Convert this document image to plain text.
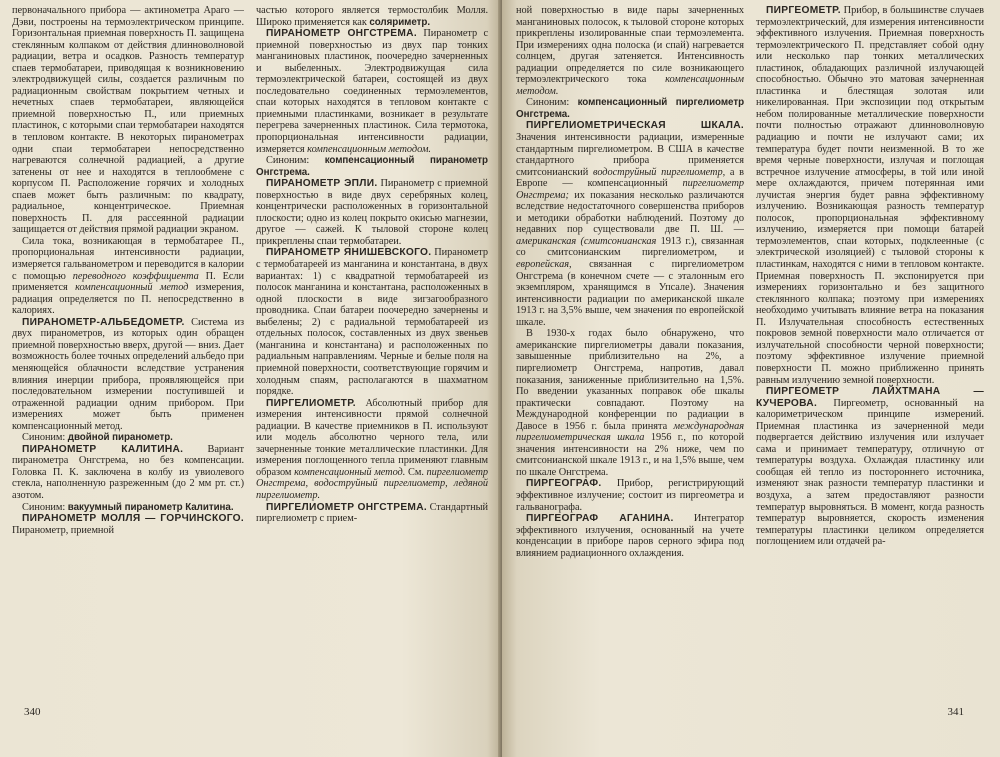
первоначального прибора — актинометра Араго — Дэви, построены на термоэлектрическом принципе. Горизонтальная приемная поверхность П. защищена стеклянным колпаком от действия длинноволновой радиации, ветра и осадков. Разность температур спаев термобатареи, приводящая к возникновению электродвижущей силы, создается различным по радиационным свойствам покрытием четных и нечетных спаев термобатареи, являющейся приемной поверхностью П., или приемных пластинок, с которыми спаи термобатареи находятся в тепловом контакте. В некоторых пиранометрах одни спаи термобатареи непосредственно нагреваются солнечной радиацией, а другие затенены от нее и находятся в теплообмене с корпусом П. Расположение горячих и холодных спаев может быть различным: по квадрату, радиальное, концентрическое. Приемная поверхность П. для рассеянной радиации защищается от действия прямой радиации экраном.

Сила тока, возникающая в термобатарее П., пропорциональная интенсивности радиации, измеряется гальванометром и переводится в калории с помощью переводного коэффициента П. Если применяется компенсационный метод измерения, радиация определяется по П. непосредственно в калориях.

ПИРАНОМЕТР-АЛЬБЕДОМЕТР. Система из двух пиранометров, из которых один обращен приемной поверхностью вверх, другой — вниз. Дает возможность более точных определений альбедо при меняющейся облачности вследствие устранения влияния инерции прибора, проявляющейся при последовательном измерении поступившей и отраженной радиации одним прибором. При измерениях может быть применен компенсационный метод.

Синоним: двойной пиранометр.

ПИРАНОМЕТР КАЛИТИНА. Вариант пиранометра Онгстрема, но без компенсации. Головка П. К. заключена в колбу из увиолевого стекла, наполненную разреженным (до 2 мм рт. ст.) азотом.

Синоним: вакуумный пиранометр Калитина.

ПИРАНОМЕТР МОЛЛЯ — ГОРЧИНСКОГО. Пиранометр, приемной

частью которого является термостолбик Молля. Широко применяется как соляриметр.

ПИРАНОМЕТР ОНГСТРЕМА. Пиранометр с приемной поверхностью из двух пар тонких манганиновых пластинок, поочередно зачерненных и выбеленных. Электродвижущая сила термоэлектрической батареи, состоящей из двух последовательно соединенных термоэлементов, спаи которых находятся в тепловом контакте с приемными пластинками, возникает в результате перегрева зачерненных пластинок. Сила термотока, пропорциональная интенсивности радиации, измеряется компенсационным методом.

Синоним: компенсационный пиранометр Онгстрема.

ПИРАНОМЕТР ЭПЛИ. Пиранометр с приемной поверхностью в виде двух серебряных колец, концентрически расположенных в горизонтальной плоскости; одно из колец покрыто окисью магнезии, другое — сажей. К тыловой стороне колец прикреплены спаи термобатареи.

ПИРАНОМЕТР ЯНИШЕВСКОГО. Пиранометр с термобатареей из манганина и константана, в двух вариантах: 1) с квадратной термобатареей из полосок манганина и константана, расположенных в одной плоскости в виде зигзагообразного проводника. Спаи батареи поочередно зачернены и выбелены; 2) с радиальной термобатареей из отдельных полосок, составленных из двух звеньев (манганина и константана) и расположенных по радиальным направлениям. Черные и белые поля на приемной поверхности, соответствующие горячим и холодным спаям, располагаются в шахматном порядке.

ПИРГЕЛИОМЕТР. Абсолютный прибор для измерения интенсивности прямой солнечной радиации. В качестве приемников в П. используют или модель абсолютно черного тела, или зачерненные тонкие металлические пластинки. Для измерения поглощенного тепла применяют главным образом компенсационный метод. См. пиргелиометр Онгстрема, водоструйный пиргелиометр, ледяной пиргелиометр.

ПИРГЕЛИОМЕТР ОНГСТРЕМА. Стандартный пиргелиометр с прием-

340

ной поверхностью в виде пары зачерненных манганиновых полосок, к тыловой стороне которых прикреплены изолированные спаи термоэлемента. При измерениях одна полоска (и спай) нагревается солнцем, другая затеняется. Интенсивность радиации определяется по силе возникающего термоэлектрического тока компенсационным методом.

Синоним: компенсационный пиргелиометр Онгстрема.

ПИРГЕЛИОМЕТРИЧЕСКАЯ ШКАЛА. Значения интенсивности радиации, измеренные стандартным пиргелиометром. В США в качестве стандартного прибора применяется смитсонианский водоструйный пиргелиометр, а в Европе — компенсационный пиргелиометр Онгстрема; их показания несколько различаются вследствие недостаточного совершенства приборов и методики обработки наблюдений. Поэтому до недавних пор существовали две П. Ш. — американская (смитсонианская 1913 г.), связанная со смитсонианским пиргелиометром, и европейская, связанная с пиргелиометром Онгстрема (в конечном счете — с эталонным его экземпляром, хранящимся в Упсале). Значения интенсивности радиации по американской шкале 1913 г. на 3,5% выше, чем значения по европейской шкале.

В 1930-х годах было обнаружено, что американские пиргелиометры давали показания, завышенные приблизительно на 2%, а пиргелиометр Онгстрема, напротив, давал показания, заниженные приблизительно на 1,5%. По введении указанных поправок обе шкалы практически совпадают. Поэтому на Международной конференции по радиации в Давосе в 1956 г. была принята международная пиргелиометрическая шкала 1956 г., по которой значения интенсивности на 2% ниже, чем по смитсонианской шкале 1913 г., и на 1,5% выше, чем по шкале Онгстрема.

ПИРГЕОГРАФ. Прибор, регистрирующий эффективное излучение; состоит из пиргеометра и гальванографа.

ПИРГЕОГРАФ АГАНИНА. Интегратор эффективного излучения, основанный на учете конденсации в приборе паров серного эфира под влиянием радиационного охлаждения.

ПИРГЕОМЕТР. Прибор, в большинстве случаев термоэлектрический, для измерения интенсивности эффективного излучения. Приемная поверхность термоэлектрического П. представляет собой одну или несколько пар тонких металлических пластинок, обладающих различной излучающей способностью. Обычно это матовая зачерненная пластинка и блестящая золотая или никелированная. При экспозиции под открытым небом полированные металлические поверхности почти полностью отражают длинноволновую радиацию и почти не излучают сами; их температура будет почти неизменной. В то же время черные поверхности, излучая и поглощая встречное излучение атмосферы, в той или иной мере охлаждаются, причем потерянная ими лучистая энергия будет равна эффективному излучению. Возникающая разность температур полосок, пропорциональная эффективному излучению, измеряется при помощи батарей термоэлементов, спаи которых, подклеенные (с электрической изоляцией) с тыловой стороны к пластинкам, находятся с ними в тепловом контакте. Приемная поверхность П. экспонируется при измерениях горизонтально и без защитного стеклянного колпака; поэтому при измерениях необходимо учитывать влияние ветра на показания П. Излучательная способность естественных покровов земной поверхности мало отличается от излучательной способности черной поверхности; поэтому эффективное излучение приемной поверхности П. можно приближенно принять равным излучению земной поверхности.

ПИРГЕОМЕТР ЛАЙХТМАНА — КУЧЕРОВА. Пиргеометр, основанный на калориметрическом принципе измерений. Приемная пластинка из зачерненной меди подвергается действию излучения или излучает сама и принимает температуру, отличную от температуры воздуха. Охлаждая пластинку или сообщая ей тепло из постороннего источника, изменяют знак разности температур пластинки и воздуха, а затем предоставляют разности температур выровняться. В момент, когда разность температур выровняется, скорость изменения температуры пластинки целиком определяется поглощением или отдачей ра-

341
